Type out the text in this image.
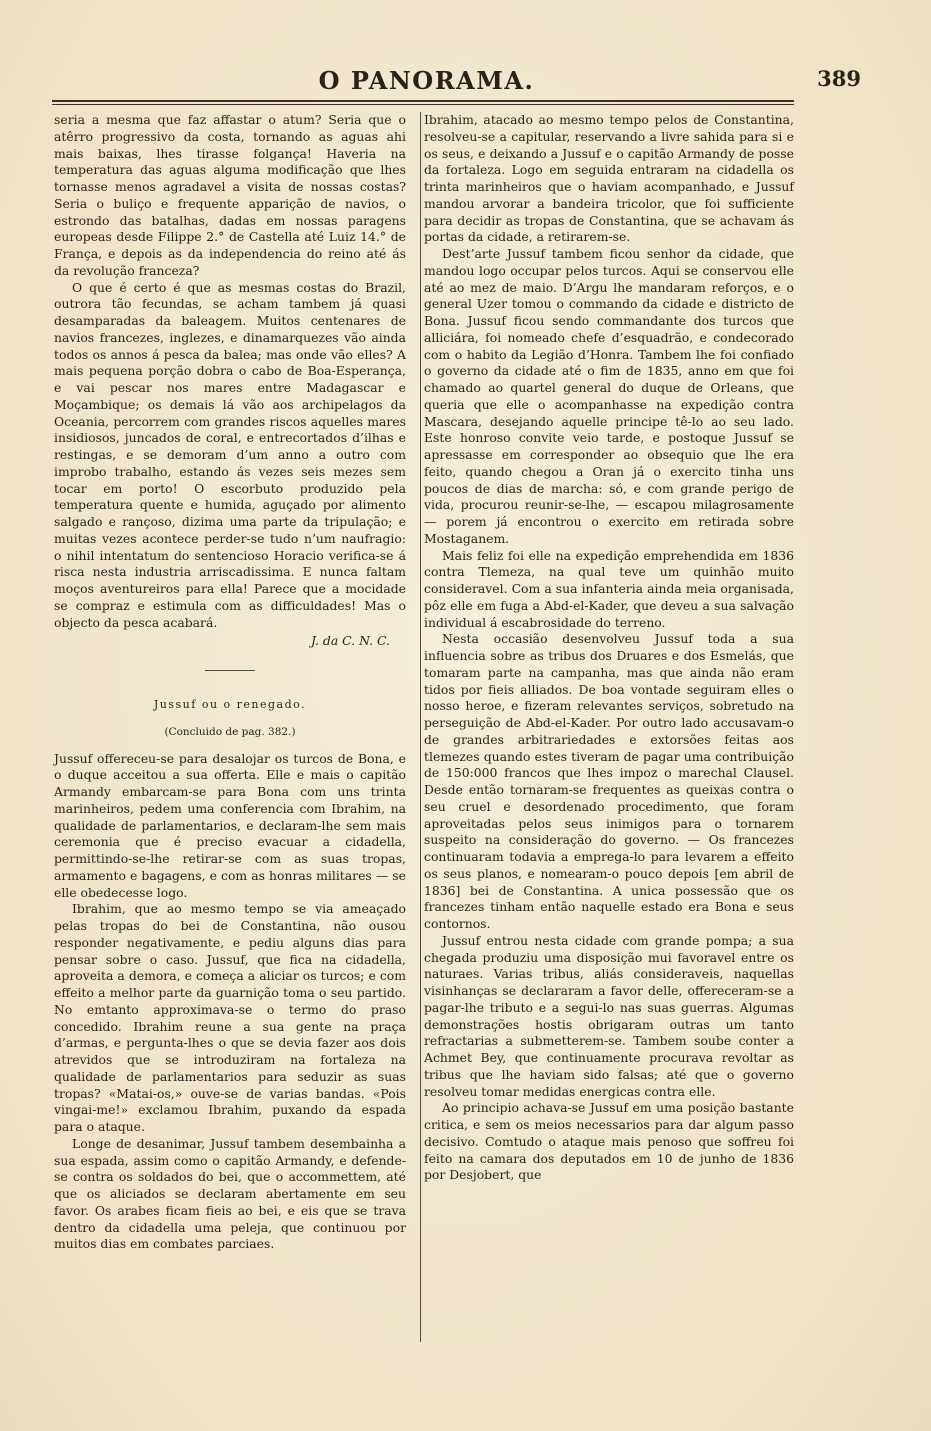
O PANORAMA.	389

seria a mesma que faz affastar o atum? Seria que o atêrro progressivo da costa, tornando as aguas ahi mais baixas, lhes tirasse folgança! Haveria na temperatura das aguas alguma modificação que lhes tornasse menos agradavel a visita de nossas costas? Seria o buliço e frequente apparição de navios, o estrondo das batalhas, dadas em nossas paragens europeas desde Filippe 2.° de Castella até Luiz 14.° de França, e depois as da independencia do reino até ás da revolução franceza?

O que é certo é que as mesmas costas do Brazil, outrora tão fecundas, se acham tambem já quasi desamparadas da baleagem. Muitos centenares de navios francezes, inglezes, e dinamarquezes vão ainda todos os annos á pesca da balea; mas onde vão elles? A mais pequena porção dobra o cabo de Boa-Esperança, e vai pescar nos mares entre Madagascar e Moçambique; os demais lá vão aos archipelagos da Oceania, percorrem com grandes riscos aquelles mares insidiosos, juncados de coral, e entrecortados d’ilhas e restingas, e se demoram d’um anno a outro com improbo trabalho, estando ás vezes seis mezes sem tocar em porto! O escorbuto produzido pela temperatura quente e humida, aguçado por alimento salgado e rançoso, dizima uma parte da tripulação; e muitas vezes acontece perder-se tudo n’um naufragio: o nihil intentatum do sentencioso Horacio verifica-se á risca nesta industria arriscadissima. E nunca faltam moços aventureiros para ella! Parece que a mocidade se compraz e estimula com as difficuldades! Mas o objecto da pesca acabará.

J. da C. N. C.

Jussuf ou o renegado.

(Concluido de pag. 382.)

Jussuf offereceu-se para desalojar os turcos de Bona, e o duque acceitou a sua offerta. Elle e mais o capitão Armandy embarcam-se para Bona com uns trinta marinheiros, pedem uma conferencia com Ibrahim, na qualidade de parlamentarios, e declaram-lhe sem mais ceremonia que é preciso evacuar a cidadella, permittindo-se-lhe retirar-se com as suas tropas, armamento e bagagens, e com as honras militares — se elle obedecesse logo.

Ibrahim, que ao mesmo tempo se via ameaçado pelas tropas do bei de Constantina, não ousou responder negativamente, e pediu alguns dias para pensar sobre o caso. Jussuf, que fica na cidadella, aproveita a demora, e começa a aliciar os turcos; e com effeito a melhor parte da guarnição toma o seu partido. No emtanto approximava-se o termo do praso concedido. Ibrahim reune a sua gente na praça d’armas, e pergunta-lhes o que se devia fazer aos dois atrevidos que se introduziram na fortaleza na qualidade de parlamentarios para seduzir as suas tropas? «Matai-os,» ouve-se de varias bandas. «Pois vingai-me!» exclamou Ibrahim, puxando da espada para o ataque.

Longe de desanimar, Jussuf tambem desembainha a sua espada, assim como o capitão Armandy, e defende-se contra os soldados do bei, que o accommettem, até que os aliciados se declaram abertamente em seu favor. Os arabes ficam fieis ao bei, e eis que se trava dentro da cidadella uma peleja, que continuou por muitos dias em combates parciaes.

Ibrahim, atacado ao mesmo tempo pelos de Constantina, resolveu-se a capitular, reservando a livre sahida para si e os seus, e deixando a Jussuf e o capitão Armandy de posse da fortaleza. Logo em seguida entraram na cidadella os trinta marinheiros que o haviam acompanhado, e Jussuf mandou arvorar a bandeira tricolor, que foi sufficiente para decidir as tropas de Constantina, que se achavam ás portas da cidade, a retirarem-se.

Dest’arte Jussuf tambem ficou senhor da cidade, que mandou logo occupar pelos turcos. Aqui se conservou elle até ao mez de maio. D’Argu lhe mandaram reforços, e o general Uzer tomou o commando da cidade e districto de Bona. Jussuf ficou sendo commandante dos turcos que alliciára, foi nomeado chefe d’esquadrão, e condecorado com o habito da Legião d’Honra. Tambem lhe foi confiado o governo da cidade até o fim de 1835, anno em que foi chamado ao quartel general do duque de Orleans, que queria que elle o acompanhasse na expedição contra Mascara, desejando aquelle principe tê-lo ao seu lado. Este honroso convite veio tarde, e postoque Jussuf se apressasse em corresponder ao obsequio que lhe era feito, quando chegou a Oran já o exercito tinha uns poucos de dias de marcha: só, e com grande perigo de vida, procurou reunir-se-lhe, — escapou milagrosamente — porem já encontrou o exercito em retirada sobre Mostaganem.

Mais feliz foi elle na expedição emprehendida em 1836 contra Tlemeza, na qual teve um quinhão muito consideravel. Com a sua infanteria ainda meia organisada, pôz elle em fuga a Abd-el-Kader, que deveu a sua salvação individual á escabrosidade do terreno.

Nesta occasião desenvolveu Jussuf toda a sua influencia sobre as tribus dos Druares e dos Esmelás, que tomaram parte na campanha, mas que ainda não eram tidos por fieis alliados. De boa vontade seguiram elles o nosso heroe, e fizeram relevantes serviços, sobretudo na perseguição de Abd-el-Kader. Por outro lado accusavam-o de grandes arbitrariedades e extorsões feitas aos tlemezes quando estes tiveram de pagar uma contribuição de 150:000 francos que lhes impoz o marechal Clausel. Desde então tornaram-se frequentes as queixas contra o seu cruel e desordenado procedimento, que foram aproveitadas pelos seus inimigos para o tornarem suspeito na consideração do governo. — Os francezes continuaram todavia a emprega-lo para levarem a effeito os seus planos, e nomearam-o pouco depois [em abril de 1836] bei de Constantina. A unica possessão que os francezes tinham então naquelle estado era Bona e seus contornos.

Jussuf entrou nesta cidade com grande pompa; a sua chegada produziu uma disposição mui favoravel entre os naturaes. Varias tribus, aliás consideraveis, naquellas visinhanças se declararam a favor delle, offereceram-se a pagar-lhe tributo e a segui-lo nas suas guerras. Algumas demonstrações hostis obrigaram outras um tanto refractarias a submetterem-se. Tambem soube conter a Achmet Bey, que continuamente procurava revoltar as tribus que lhe haviam sido falsas; até que o governo resolveu tomar medidas energicas contra elle.

Ao principio achava-se Jussuf em uma posição bastante critica, e sem os meios necessarios para dar algum passo decisivo. Comtudo o ataque mais penoso que soffreu foi feito na camara dos deputados em 10 de junho de 1836 por Desjobert, que
